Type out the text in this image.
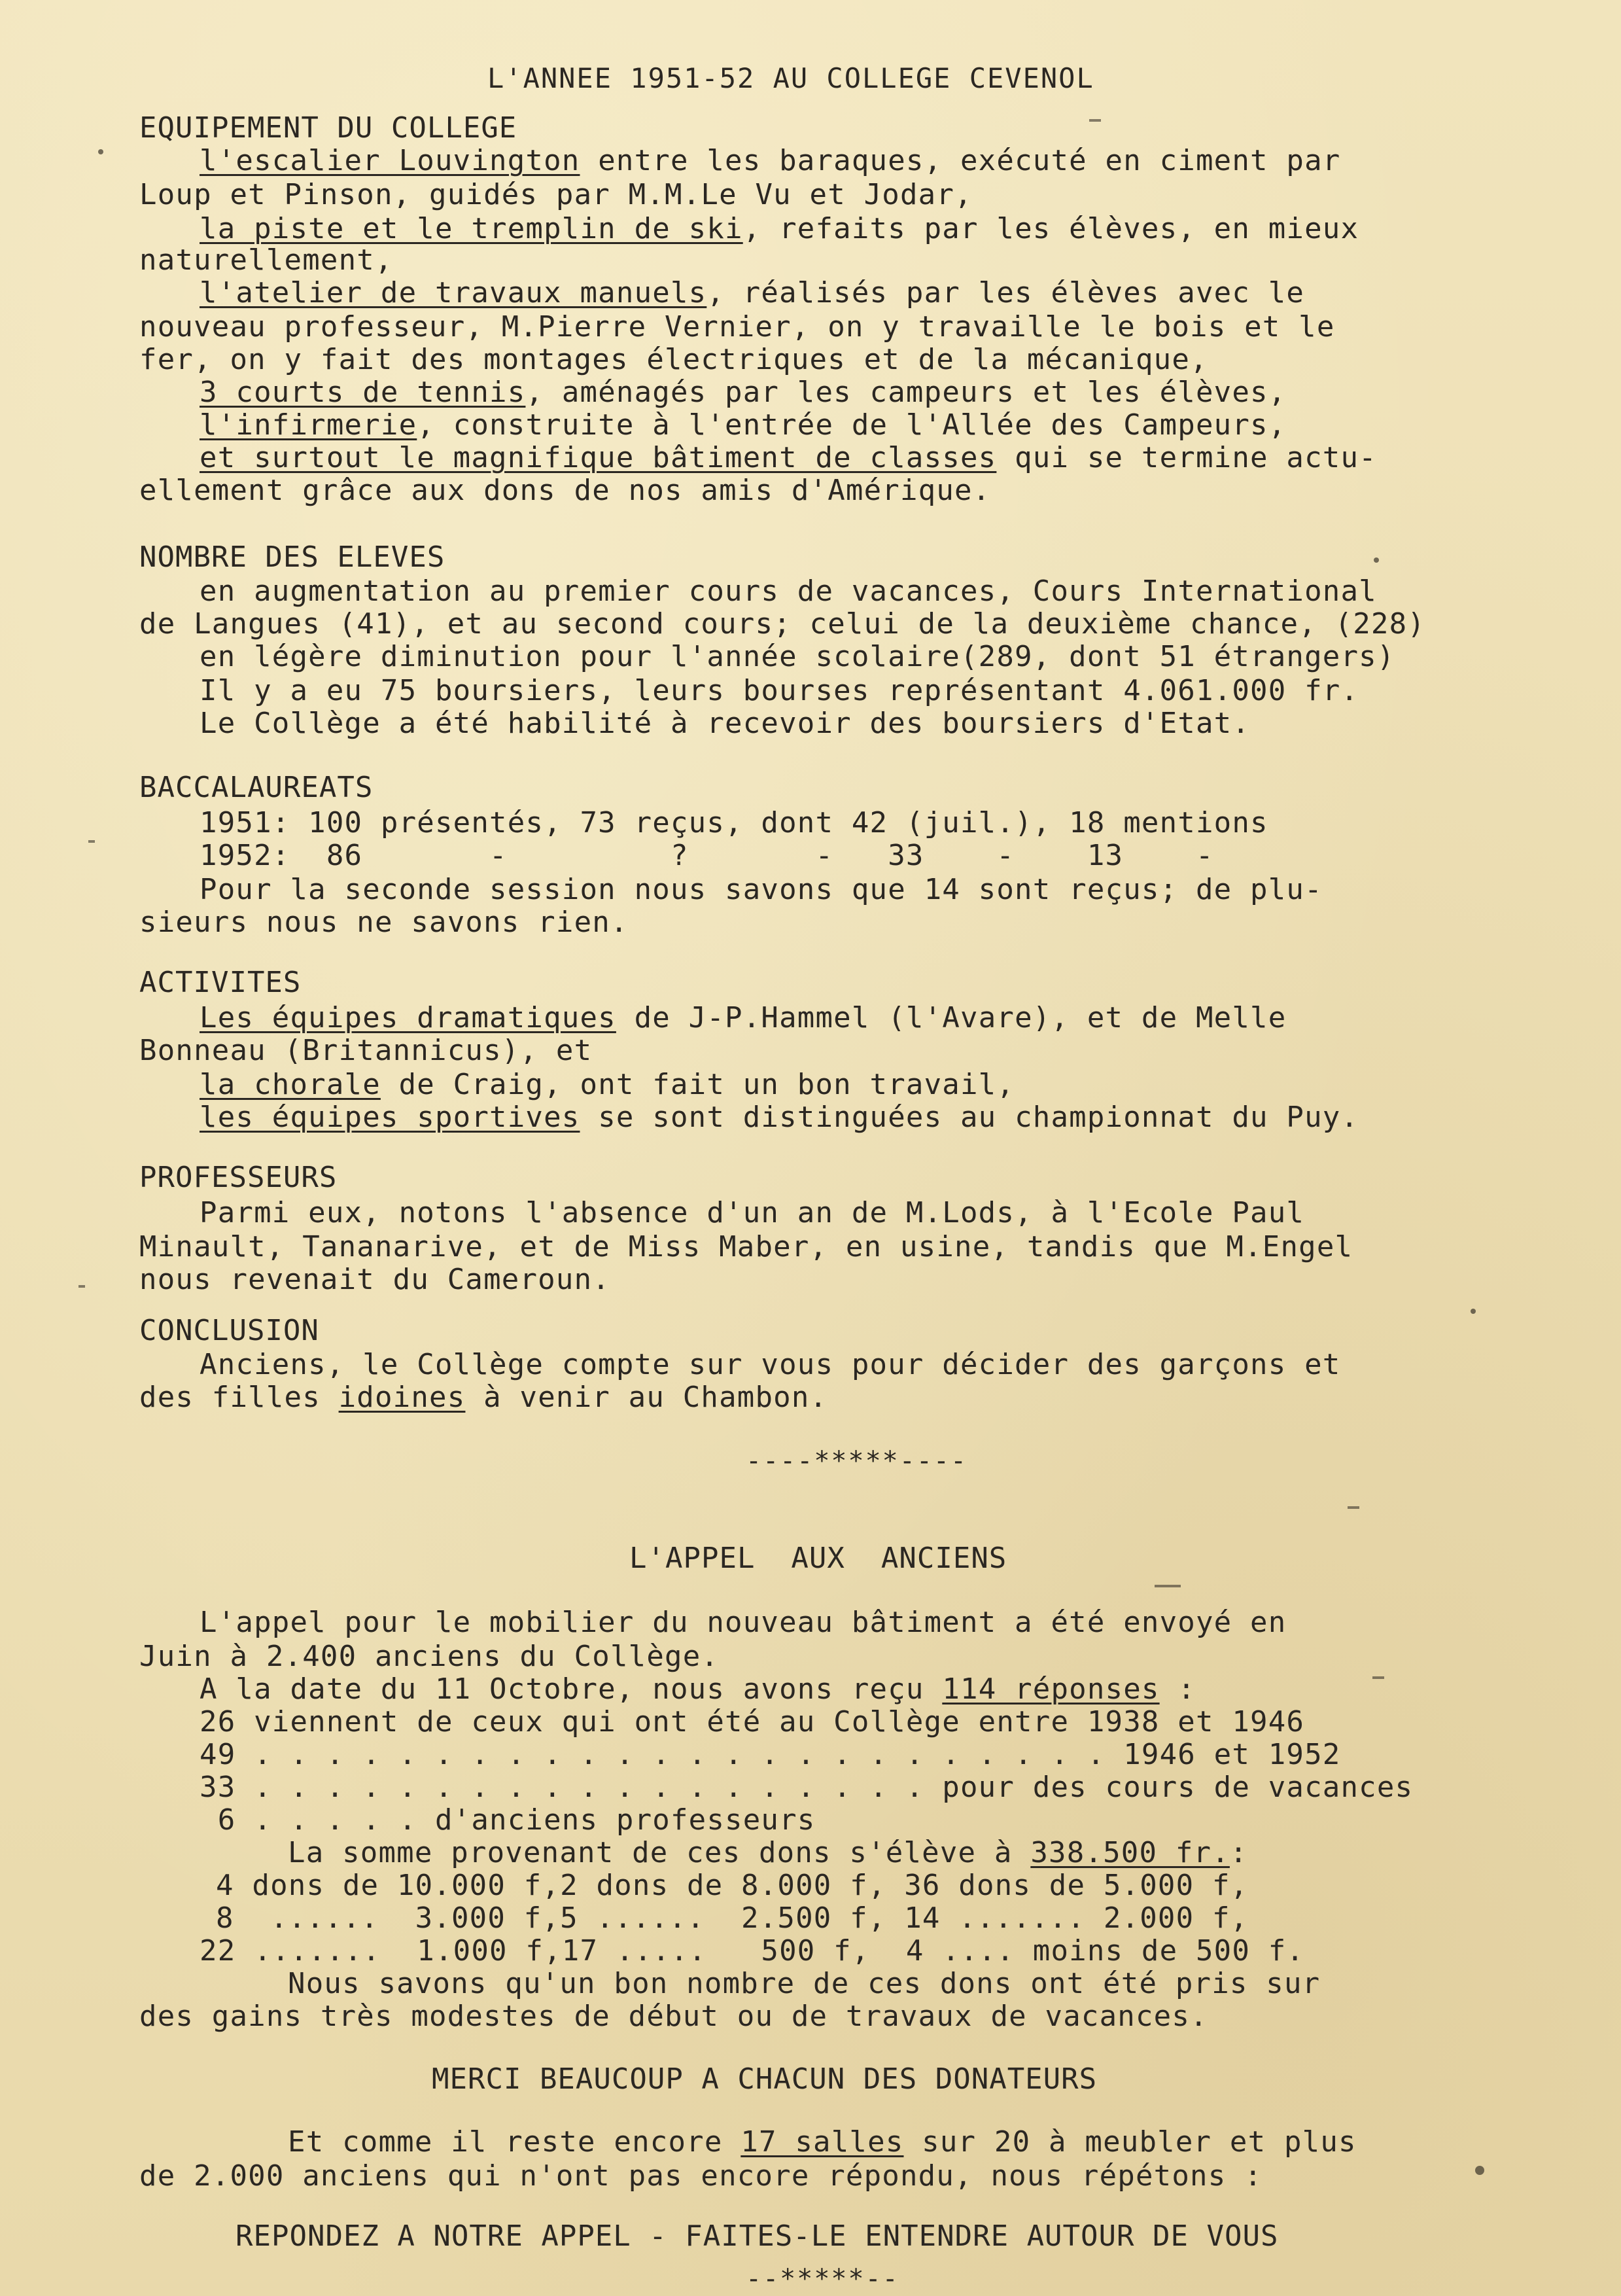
L'ANNEE 1951-52 AU COLLEGE CEVENOL
EQUIPEMENT DU COLLEGE
l'escalier Louvington entre les baraques, exécuté en ciment par
Loup et Pinson, guidés par M.M.Le Vu et Jodar,
la piste et le tremplin de ski, refaits par les élèves, en mieux
naturellement,
l'atelier de travaux manuels, réalisés par les élèves avec le
nouveau professeur, M.Pierre Vernier, on y travaille le bois et le
fer, on y fait des montages électriques et de la mécanique,
3 courts de tennis, aménagés par les campeurs et les élèves,
l'infirmerie, construite à l'entrée de l'Allée des Campeurs,
et surtout le magnifique bâtiment de classes qui se termine actu-
ellement grâce aux dons de nos amis d'Amérique.
NOMBRE DES ELEVES
en augmentation au premier cours de vacances, Cours International
de Langues (41), et au second cours; celui de la deuxième chance, (228)
en légère diminution pour l'année scolaire(289, dont 51 étrangers)
Il y a eu 75 boursiers, leurs bourses représentant 4.061.000 fr.
Le Collège a été habilité à recevoir des boursiers d'Etat.
BACCALAUREATS
1951: 100 présentés, 73 reçus, dont 42 (juil.), 18 mentions
1952:  86       -         ?       -   33    -    13    -
Pour la seconde session nous savons que 14 sont reçus; de plu-
sieurs nous ne savons rien.
ACTIVITES
Les équipes dramatiques de J-P.Hammel (l'Avare), et de Melle
Bonneau (Britannicus), et
la chorale de Craig, ont fait un bon travail,
les équipes sportives se sont distinguées au championnat du Puy.
PROFESSEURS
Parmi eux, notons l'absence d'un an de M.Lods, à l'Ecole Paul
Minault, Tananarive, et de Miss Maber, en usine, tandis que M.Engel
nous revenait du Cameroun.
CONCLUSION
Anciens, le Collège compte sur vous pour décider des garçons et
des filles idoines à venir au Chambon.
----*****----
L'APPEL  AUX  ANCIENS
L'appel pour le mobilier du nouveau bâtiment a été envoyé en
Juin à 2.400 anciens du Collège.
A la date du 11 Octobre, nous avons reçu 114 réponses :
26 viennent de ceux qui ont été au Collège entre 1938 et 1946
49 . . . . . . . . . . . . . . . . . . . . . . . . 1946 et 1952
33 . . . . . . . . . . . . . . . . . . . pour des cours de vacances
6 . . . . . d'anciens professeurs
La somme provenant de ces dons s'élève à 338.500 fr.:
4 dons de 10.000 f,2 dons de 8.000 f, 36 dons de 5.000 f,
8  ......  3.000 f,5 ......  2.500 f, 14 ....... 2.000 f,
22 .......  1.000 f,17 .....   500 f,  4 .... moins de 500 f.
Nous savons qu'un bon nombre de ces dons ont été pris sur
des gains très modestes de début ou de travaux de vacances.
MERCI BEAUCOUP A CHACUN DES DONATEURS
Et comme il reste encore 17 salles sur 20 à meubler et plus
de 2.000 anciens qui n'ont pas encore répondu, nous répétons :
REPONDEZ A NOTRE APPEL - FAITES-LE ENTENDRE AUTOUR DE VOUS
--*****--
